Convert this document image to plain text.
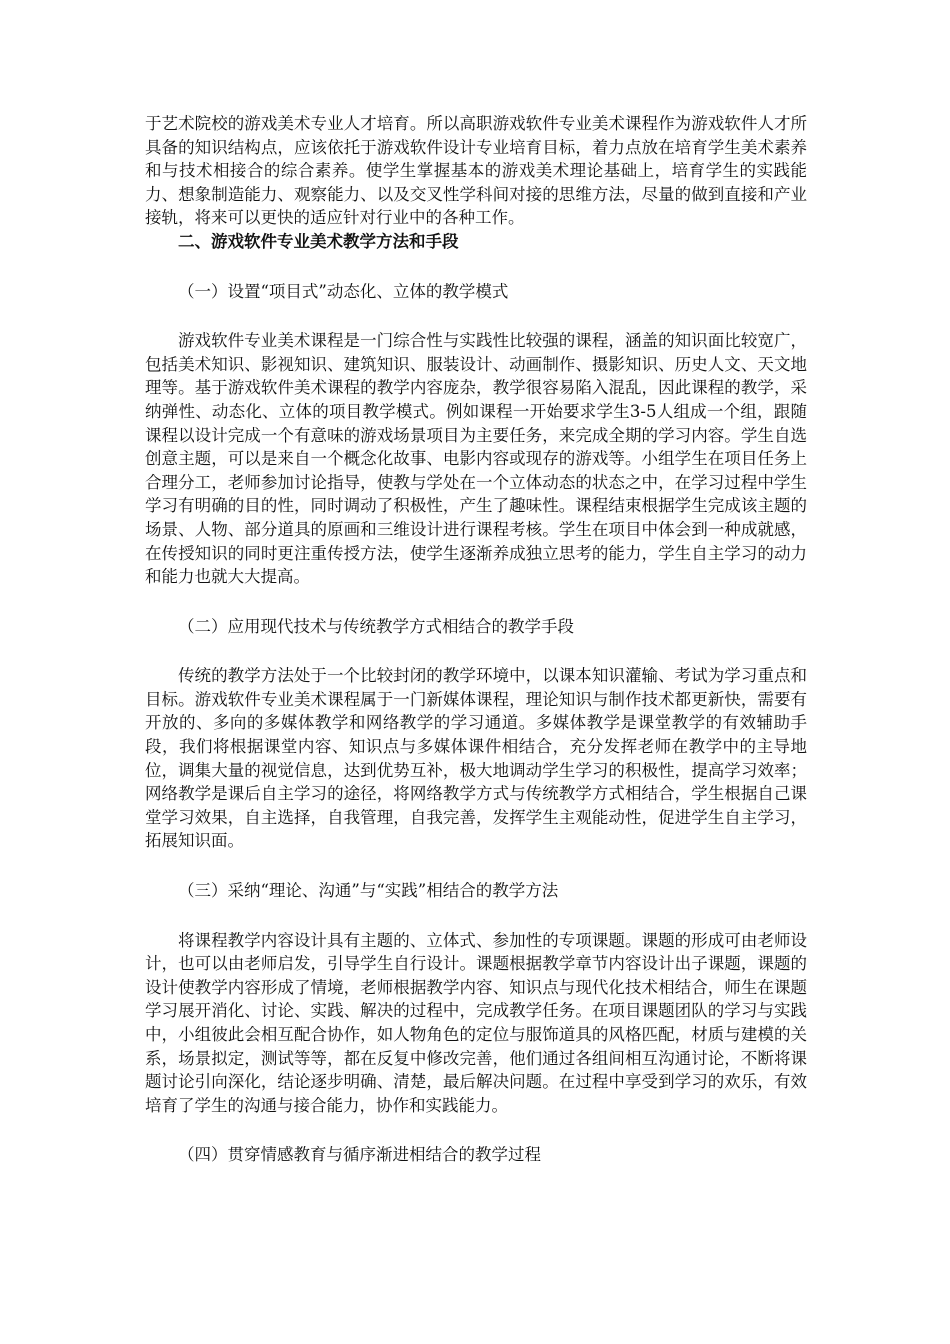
于艺术院校的游戏美术专业人才培育。所以高职游戏软件专业美术课程作为游戏软件人才所具备的知识结构点，应该依托于游戏软件设计专业培育目标，着力点放在培育学生美术素养和与技术相接合的综合素养。使学生掌握基本的游戏美术理论基础上，培育学生的实践能力、想象制造能力、观察能力、以及交叉性学科间对接的思维方法，尽量的做到直接和产业接轨，将来可以更快的适应针对行业中的各种工作。

二、游戏软件专业美术教学方法和手段

（一）设置“项目式”动态化、立体的教学模式

游戏软件专业美术课程是一门综合性与实践性比较强的课程，涵盖的知识面比较宽广，包括美术知识、影视知识、建筑知识、服装设计、动画制作、摄影知识、历史人文、天文地理等。基于游戏软件美术课程的教学内容庞杂，教学很容易陷入混乱，因此课程的教学，采纳弹性、动态化、立体的项目教学模式。例如课程一开始要求学生3-5人组成一个组，跟随课程以设计完成一个有意味的游戏场景项目为主要任务，来完成全期的学习内容。学生自选创意主题，可以是来自一个概念化故事、电影内容或现存的游戏等。小组学生在项目任务上合理分工，老师参加讨论指导，使教与学处在一个立体动态的状态之中，在学习过程中学生学习有明确的目的性，同时调动了积极性，产生了趣味性。课程结束根据学生完成该主题的场景、人物、部分道具的原画和三维设计进行课程考核。学生在项目中体会到一种成就感，在传授知识的同时更注重传授方法，使学生逐渐养成独立思考的能力，学生自主学习的动力和能力也就大大提高。

（二）应用现代技术与传统教学方式相结合的教学手段

传统的教学方法处于一个比较封闭的教学环境中，以课本知识灌输、考试为学习重点和目标。游戏软件专业美术课程属于一门新媒体课程，理论知识与制作技术都更新快，需要有开放的、多向的多媒体教学和网络教学的学习通道。多媒体教学是课堂教学的有效辅助手段，我们将根据课堂内容、知识点与多媒体课件相结合，充分发挥老师在教学中的主导地位，调集大量的视觉信息，达到优势互补，极大地调动学生学习的积极性，提高学习效率；网络教学是课后自主学习的途径，将网络教学方式与传统教学方式相结合，学生根据自己课堂学习效果，自主选择，自我管理，自我完善，发挥学生主观能动性，促进学生自主学习，拓展知识面。

（三）采纳“理论、沟通”与“实践”相结合的教学方法

将课程教学内容设计具有主题的、立体式、参加性的专项课题。课题的形成可由老师设计，也可以由老师启发，引导学生自行设计。课题根据教学章节内容设计出子课题，课题的设计使教学内容形成了情境，老师根据教学内容、知识点与现代化技术相结合，师生在课题学习展开消化、讨论、实践、解决的过程中，完成教学任务。在项目课题团队的学习与实践中，小组彼此会相互配合协作，如人物角色的定位与服饰道具的风格匹配，材质与建模的关系，场景拟定，测试等等，都在反复中修改完善，他们通过各组间相互沟通讨论，不断将课题讨论引向深化，结论逐步明确、清楚，最后解决问题。在过程中享受到学习的欢乐，有效培育了学生的沟通与接合能力，协作和实践能力。

（四）贯穿情感教育与循序渐进相结合的教学过程
